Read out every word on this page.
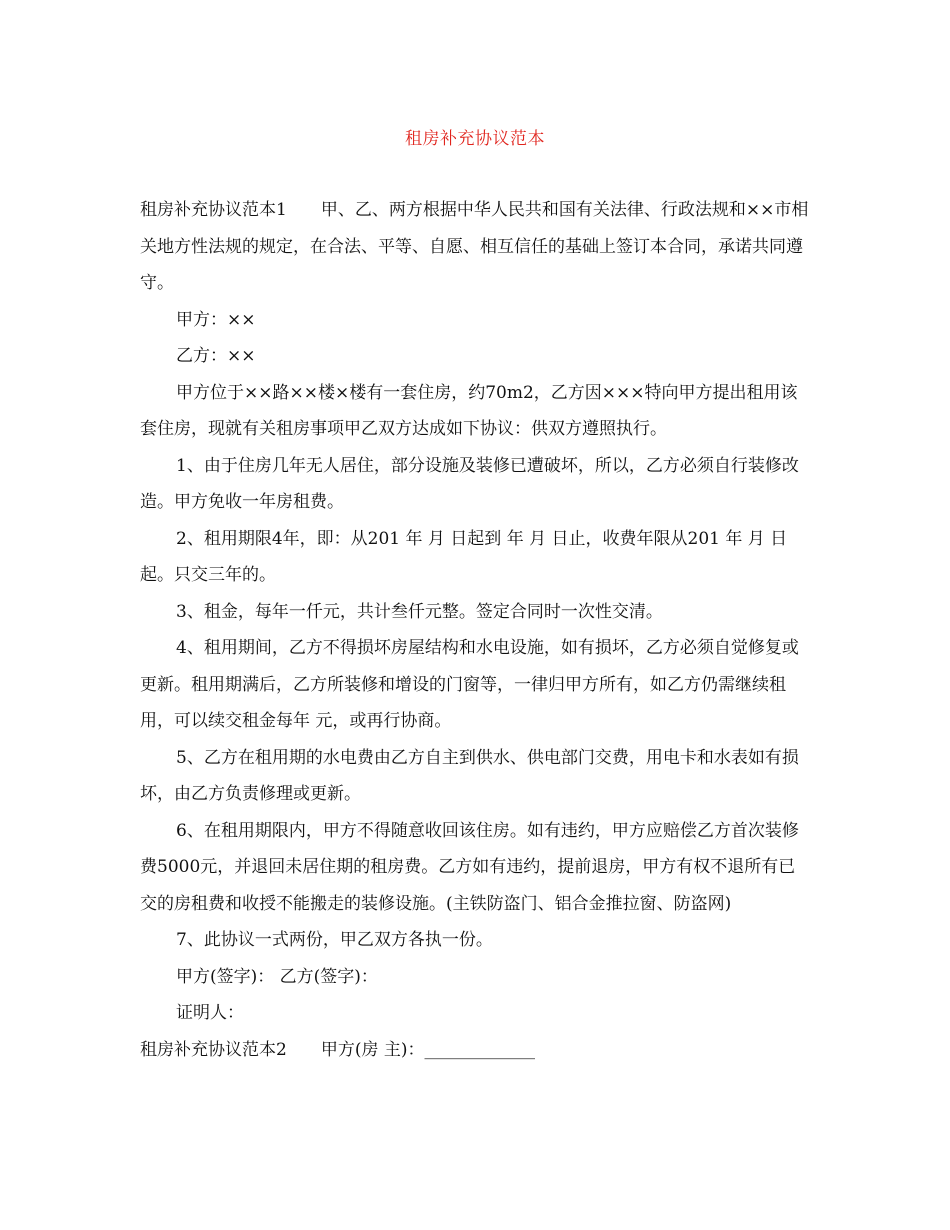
租房补充协议范本

租房补充协议范本1 甲、乙、两方根据中华人民共和国有关法律、行政法规和××市相关地方性法规的规定，在合法、平等、自愿、相互信任的基础上签订本合同，承诺共同遵守。

甲方：××

乙方：××

甲方位于××路××楼×楼有一套住房，约70m2，乙方因×××特向甲方提出租用该套住房，现就有关租房事项甲乙双方达成如下协议：供双方遵照执行。

1、由于住房几年无人居住，部分设施及装修已遭破坏，所以，乙方必须自行装修改造。甲方免收一年房租费。

2、租用期限4年，即：从201 年 月 日起到 年 月 日止，收费年限从201 年 月 日起。只交三年的。

3、租金，每年一仟元，共计叁仟元整。签定合同时一次性交清。

4、租用期间，乙方不得损坏房屋结构和水电设施，如有损坏，乙方必须自觉修复或更新。租用期满后，乙方所装修和增设的门窗等，一律归甲方所有，如乙方仍需继续租用，可以续交租金每年 元，或再行协商。

5、乙方在租用期的水电费由乙方自主到供水、供电部门交费，用电卡和水表如有损坏，由乙方负责修理或更新。

6、在租用期限内，甲方不得随意收回该住房。如有违约，甲方应赔偿乙方首次装修费5000元，并退回未居住期的租房费。乙方如有违约，提前退房，甲方有权不退所有已交的房租费和收授不能搬走的装修设施。(主铁防盗门、铝合金推拉窗、防盗网)

7、此协议一式两份，甲乙双方各执一份。

甲方(签字)： 乙方(签字)：

证明人：

租房补充协议范本2 甲方(房 主)：_____________
